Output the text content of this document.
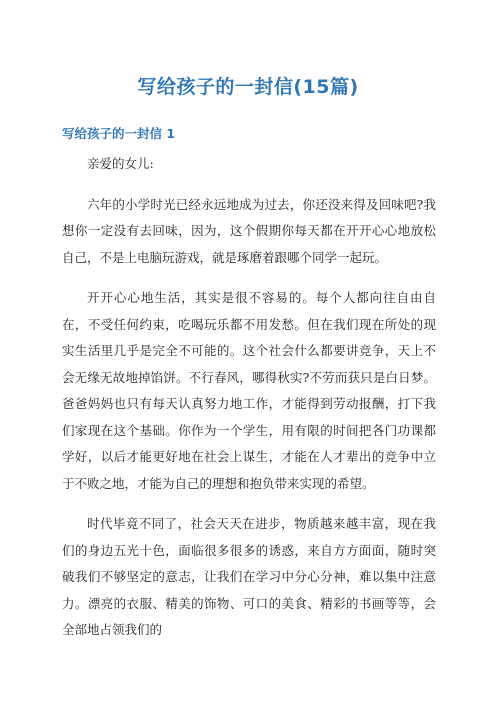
写给孩子的一封信(15篇)
写给孩子的一封信 1

亲爱的女儿:

六年的小学时光已经永远地成为过去，你还没来得及回味吧?我想你一定没有去回味，因为，这个假期你每天都在开开心心地放松自己，不是上电脑玩游戏，就是琢磨着跟哪个同学一起玩。

开开心心地生活，其实是很不容易的。每个人都向往自由自在，不受任何约束，吃喝玩乐都不用发愁。但在我们现在所处的现实生活里几乎是完全不可能的。这个社会什么都要讲竞争，天上不会无缘无故地掉馅饼。不行春风，哪得秋实?不劳而获只是白日梦。爸爸妈妈也只有每天认真努力地工作，才能得到劳动报酬，打下我们家现在这个基础。你作为一个学生，用有限的时间把各门功课都学好，以后才能更好地在社会上谋生，才能在人才辈出的竞争中立于不败之地，才能为自己的理想和抱负带来实现的希望。

时代毕竟不同了，社会天天在进步，物质越来越丰富，现在我们的身边五光十色，面临很多很多的诱惑，来自方方面面，随时突破我们不够坚定的意志，让我们在学习中分心分神，难以集中注意力。漂亮的衣服、精美的饰物、可口的美食、精彩的书画等等，会全部地占领我们的
